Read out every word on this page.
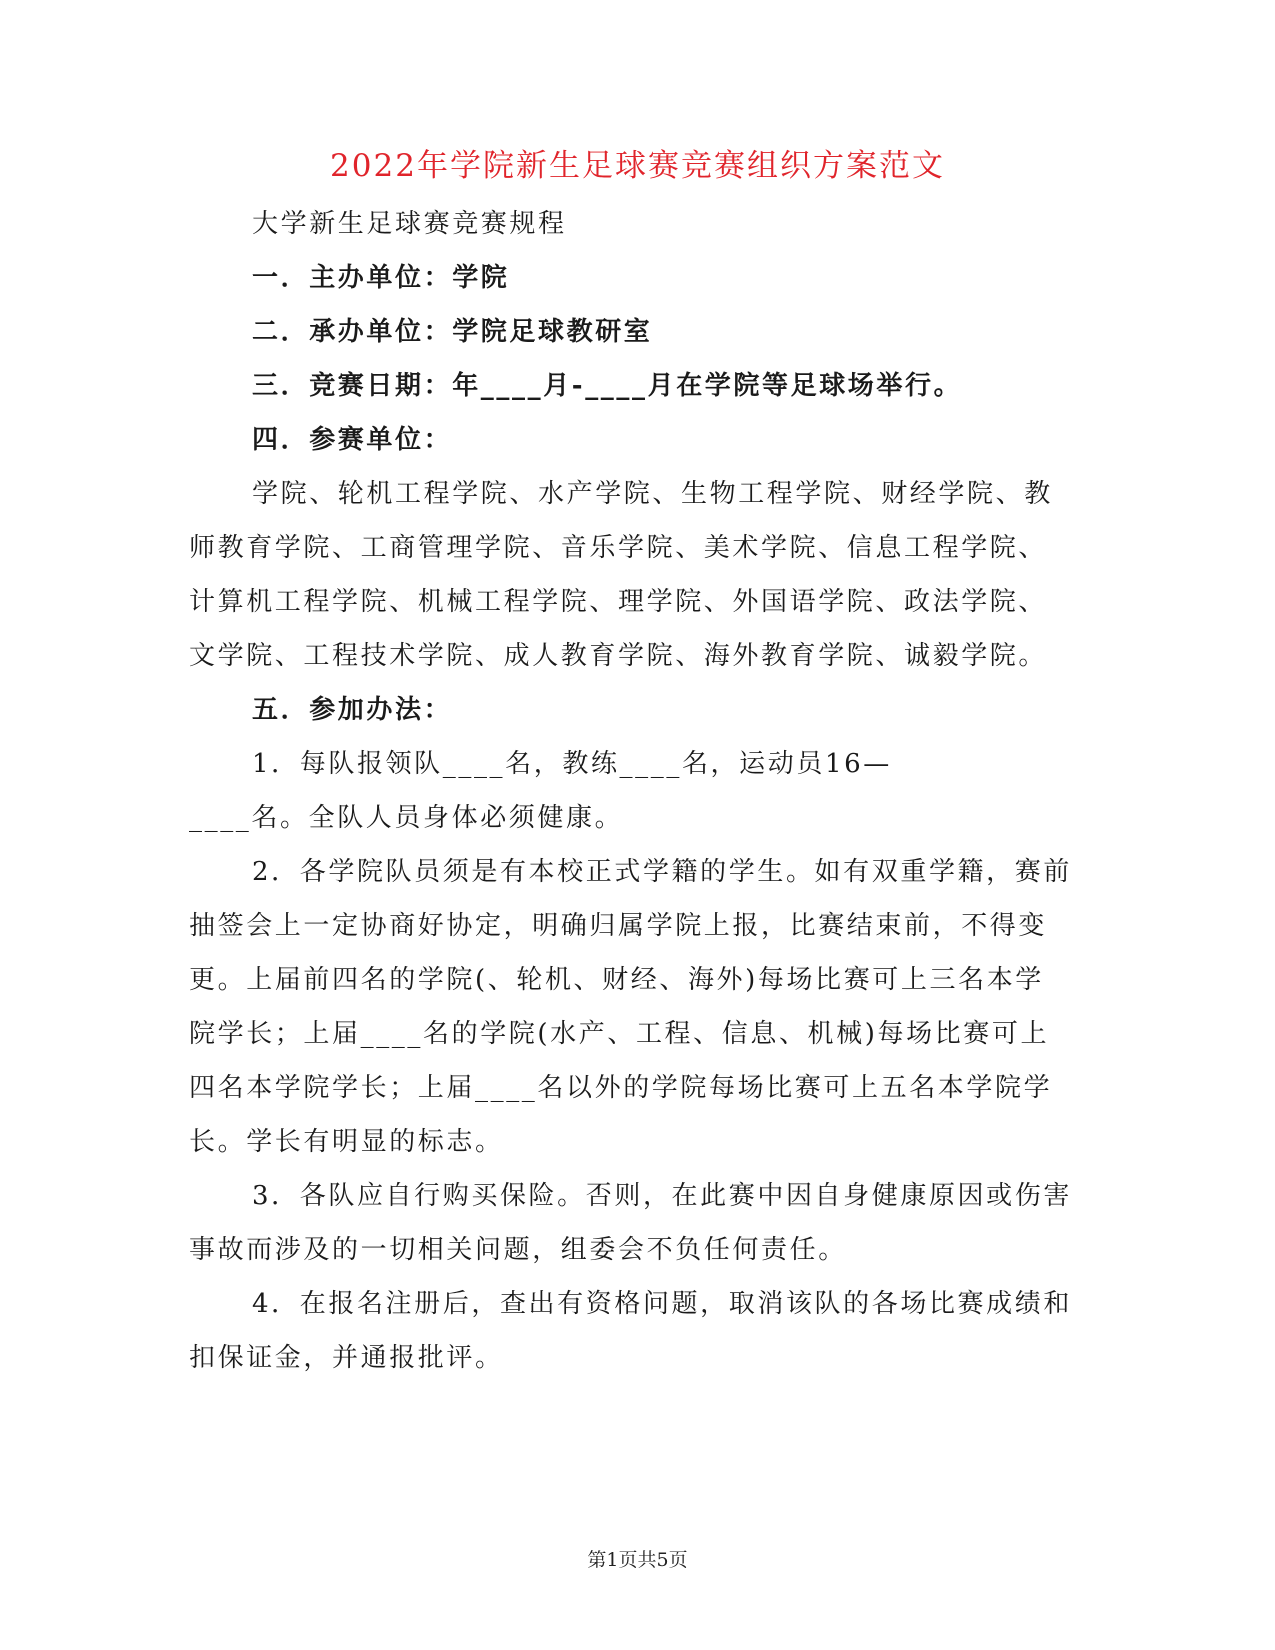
2022年学院新生足球赛竞赛组织方案范文
大学新生足球赛竞赛规程
一．主办单位：学院
二．承办单位：学院足球教研室
三．竞赛日期：年____月-____月在学院等足球场举行。
四．参赛单位：
学院、轮机工程学院、水产学院、生物工程学院、财经学院、教
师教育学院、工商管理学院、音乐学院、美术学院、信息工程学院、
计算机工程学院、机械工程学院、理学院、外国语学院、政法学院、
文学院、工程技术学院、成人教育学院、海外教育学院、诚毅学院。
五．参加办法：
1．每队报领队____名，教练____名，运动员16—
____名。全队人员身体必须健康。
2．各学院队员须是有本校正式学籍的学生。如有双重学籍，赛前
抽签会上一定协商好协定，明确归属学院上报，比赛结束前，不得变
更。上届前四名的学院(、轮机、财经、海外)每场比赛可上三名本学
院学长；上届____名的学院(水产、工程、信息、机械)每场比赛可上
四名本学院学长；上届____名以外的学院每场比赛可上五名本学院学
长。学长有明显的标志。
3．各队应自行购买保险。否则，在此赛中因自身健康原因或伤害
事故而涉及的一切相关问题，组委会不负任何责任。
4．在报名注册后，查出有资格问题，取消该队的各场比赛成绩和
扣保证金，并通报批评。
第1页共5页
